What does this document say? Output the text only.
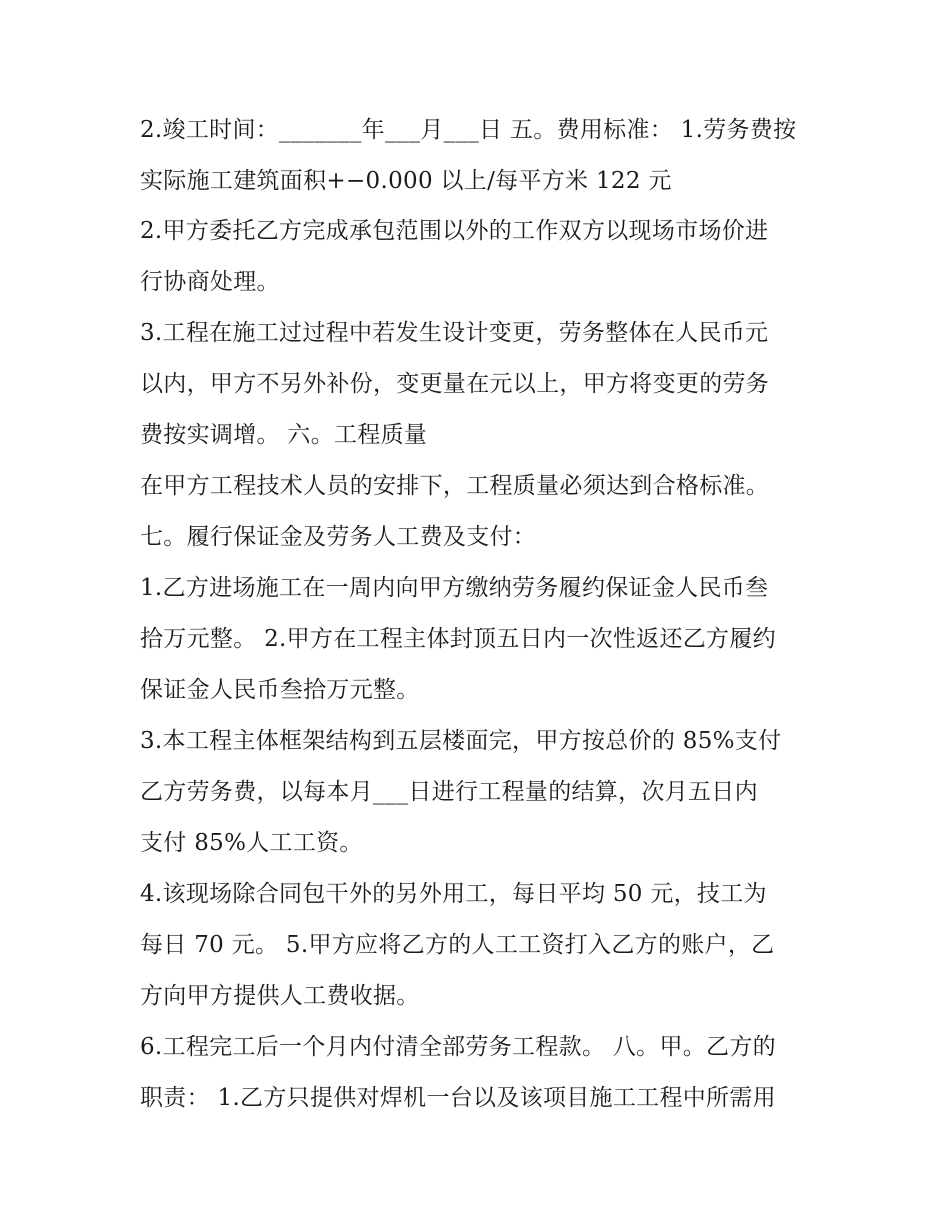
2.竣工时间：_______年___月___日 五。费用标准： 1.劳务费按
实际施工建筑面积+−0.000 以上/每平方米 122 元
2.甲方委托乙方完成承包范围以外的工作双方以现场市场价进
行协商处理。
3.工程在施工过过程中若发生设计变更，劳务整体在人民币元
以内，甲方不另外补份，变更量在元以上，甲方将变更的劳务
费按实调增。 六。工程质量
在甲方工程技术人员的安排下，工程质量必须达到合格标准。
七。履行保证金及劳务人工费及支付：
1.乙方进场施工在一周内向甲方缴纳劳务履约保证金人民币叁
拾万元整。 2.甲方在工程主体封顶五日内一次性返还乙方履约
保证金人民币叁拾万元整。
3.本工程主体框架结构到五层楼面完，甲方按总价的 85%支付
乙方劳务费，以每本月___日进行工程量的结算，次月五日内
支付 85%人工工资。
4.该现场除合同包干外的另外用工，每日平均 50 元，技工为
每日 70 元。 5.甲方应将乙方的人工工资打入乙方的账户，乙
方向甲方提供人工费收据。
6.工程完工后一个月内付清全部劳务工程款。 八。甲。乙方的
职责： 1.乙方只提供对焊机一台以及该项目施工工程中所需用
